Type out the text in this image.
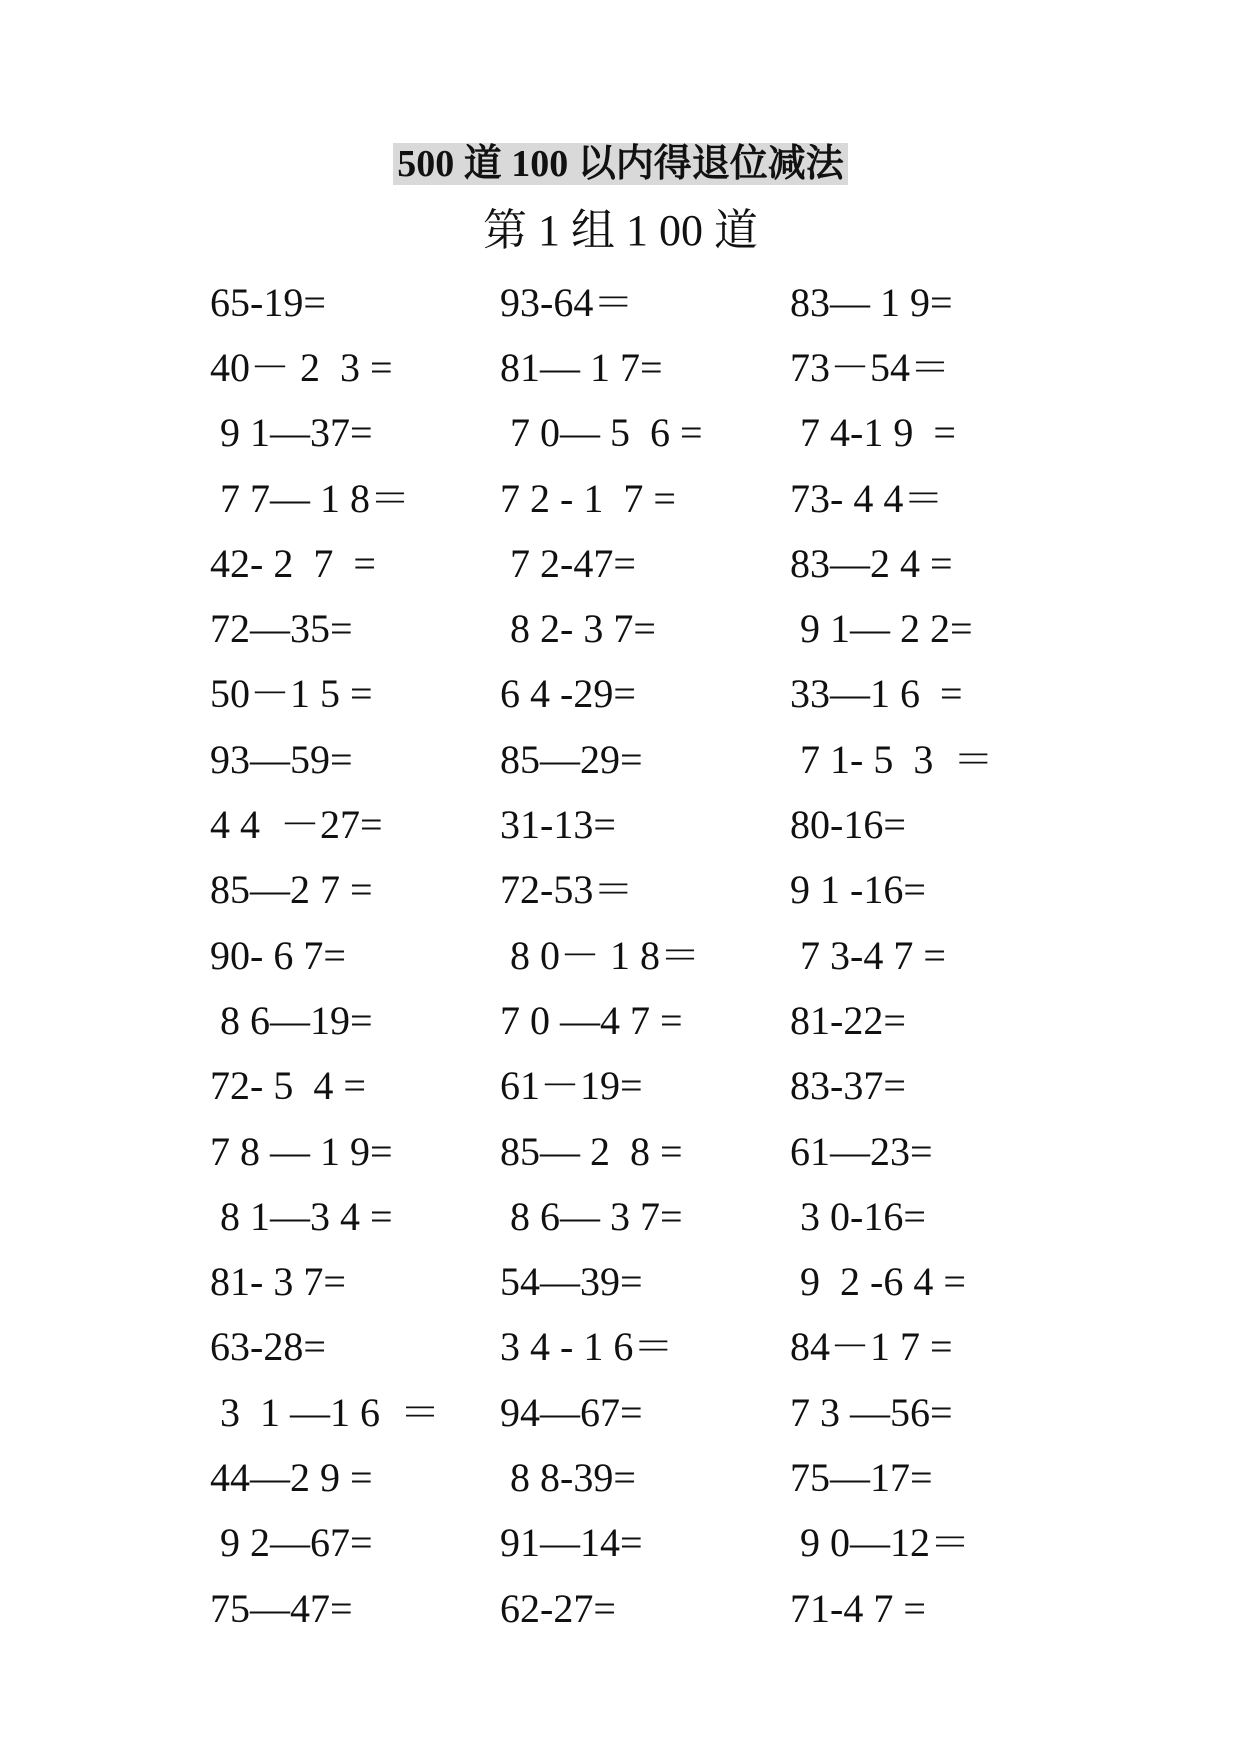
500 道 100 以内得退位减法
第 1 组 1 00 道
65-19=	93-64＝	83— 1 9=
40－ 2  3 =	81— 1 7=	73－54＝
9 1—37=	7 0— 5  6 =	7 4-1 9  =
7 7— 1 8＝	7 2 - 1  7 =	73- 4 4＝
42- 2  7  =	7 2-47=	83—2 4 =
72—35=	8 2- 3 7=	9 1— 2 2=
50－1 5 =	6 4 -29=	33—1 6  =
93—59=	85—29=	7 1- 5  3  ＝
4 4  －27=	31-13=	80-16=
85—2 7 =	72-53＝	9 1 -16=
90- 6 7=	8 0－ 1 8＝	7 3-4 7 =
8 6—19=	7 0 —4 7 =	81-22=
72- 5  4 =	61－19=	83-37=
7 8 — 1 9=	85— 2  8 =	61—23=
8 1—3 4 =	8 6— 3 7=	3 0-16=
81- 3 7=	54—39=	9  2 -6 4 =
63-28=	3 4 - 1 6＝	84－1 7 =
3  1 —1 6  ＝	94—67=	7 3 —56=
44—2 9 =	8 8-39=	75—17=
9 2—67=	91—14=	9 0—12＝
75—47=	62-27=	71-4 7 =
